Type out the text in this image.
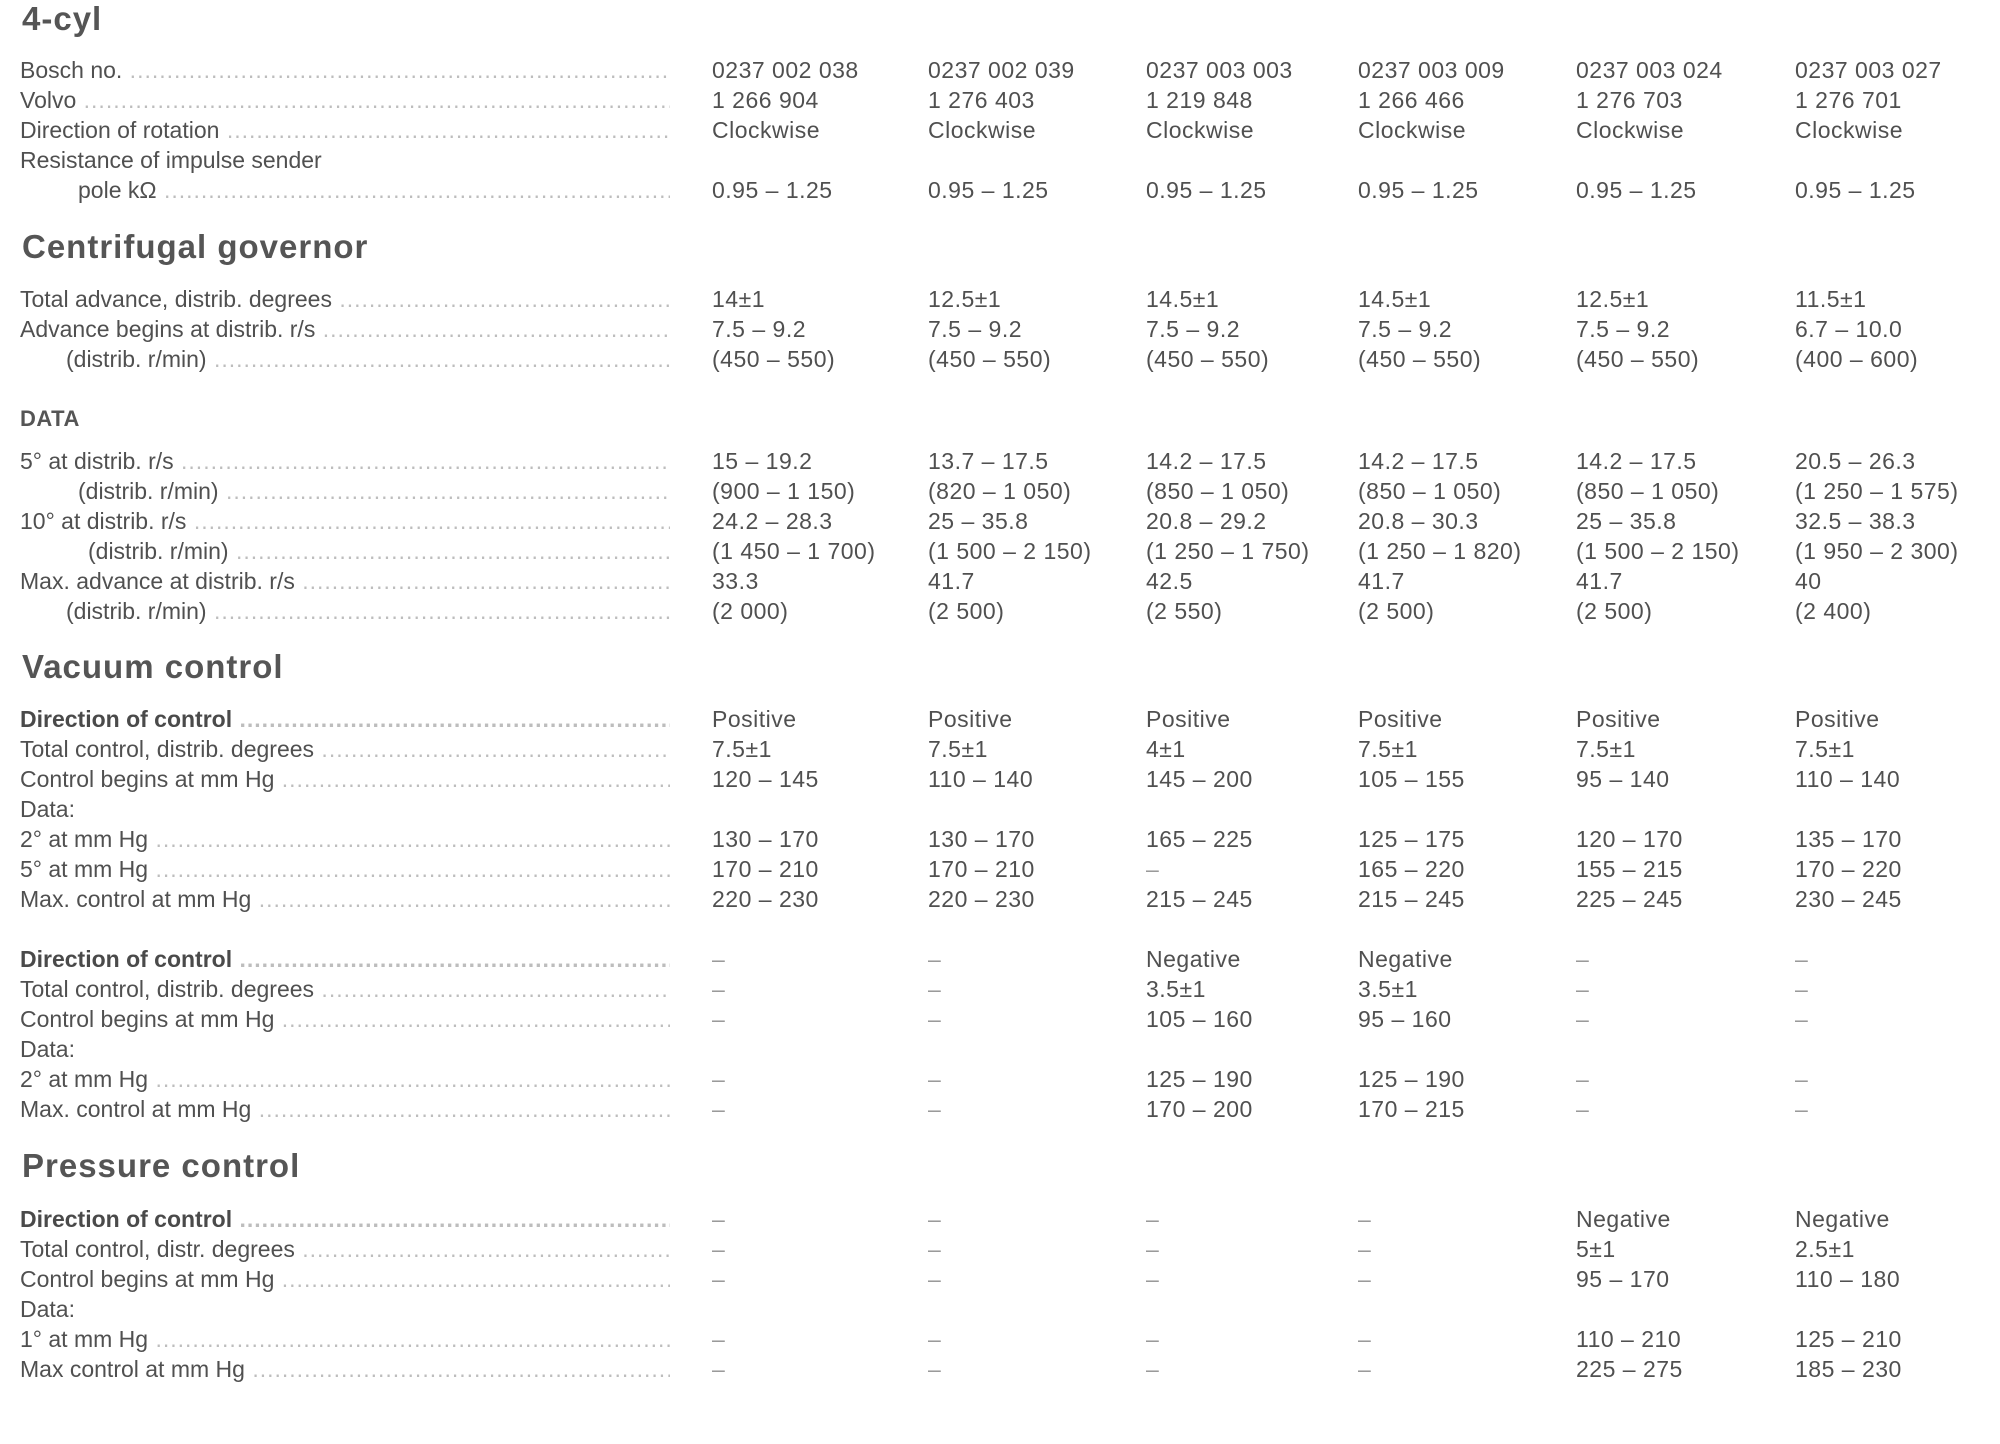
4-cyl
Centrifugal governor
DATA
Vacuum control
Pressure control
Bosch no. .....	0237 002 038	0237 002 039	0237 003 003	0237 003 009	0237 003 024	0237 003 027
Volvo .....	1 266 904	1 276 403	1 219 848	1 266 466	1 276 703	1 276 701
Direction of rotation .....	Clockwise	Clockwise	Clockwise	Clockwise	Clockwise	Clockwise
Resistance of impulse sender
pole kΩ .....	0.95 – 1.25	0.95 – 1.25	0.95 – 1.25	0.95 – 1.25	0.95 – 1.25	0.95 – 1.25
Total advance, distrib. degrees .....	14±1	12.5±1	14.5±1	14.5±1	12.5±1	11.5±1
Advance begins at distrib. r/s .....	7.5 – 9.2	7.5 – 9.2	7.5 – 9.2	7.5 – 9.2	7.5 – 9.2	6.7 – 10.0
(distrib. r/min) .....	(450 – 550)	(450 – 550)	(450 – 550)	(450 – 550)	(450 – 550)	(400 – 600)
5° at distrib. r/s .....	15 – 19.2	13.7 – 17.5	14.2 – 17.5	14.2 – 17.5	14.2 – 17.5	20.5 – 26.3
(distrib. r/min) .....	(900 – 1 150)	(820 – 1 050)	(850 – 1 050)	(850 – 1 050)	(850 – 1 050)	(1 250 – 1 575)
10° at distrib. r/s .....	24.2 – 28.3	25 – 35.8	20.8 – 29.2	20.8 – 30.3	25 – 35.8	32.5 – 38.3
(distrib. r/min) .....	(1 450 – 1 700) (1 500 – 2 150) (1 250 – 1 750) (1 250 – 1 820) (1 500 – 2 150) (1 950 – 2 300)
Max. advance at distrib. r/s .....	33.3	41.7	42.5	41.7	41.7	40
(distrib. r/min) .....	(2 000)	(2 500)	(2 550)	(2 500)	(2 500)	(2 400)
Direction of control .....	Positive	Positive	Positive	Positive	Positive	Positive
Total control, distrib. degrees .....	7.5±1	7.5±1	4±1	7.5±1	7.5±1	7.5±1
Control begins at mm Hg .....	120 – 145	110 – 140	145 – 200	105 – 155	95 – 140	110 – 140
Data:
2° at mm Hg .....	130 – 170	130 – 170	165 – 225	125 – 175	120 – 170	135 – 170
5° at mm Hg .....	170 – 210	170 – 210	–	165 – 220	155 – 215	170 – 220
Max. control at mm Hg .....	220 – 230	220 – 230	215 – 245	215 – 245	225 – 245	230 – 245
Direction of control .....	–	–	Negative	Negative	–	–
Total control, distrib. degrees .....	–	–	3.5±1	3.5±1	–	–
Control begins at mm Hg .....	–	–	105 – 160	95 – 160	–	–
Data:
2° at mm Hg .....	–	–	125 – 190	125 – 190	–	–
Max. control at mm Hg .....	–	–	170 – 200	170 – 215	–	–
Direction of control .....	–	–	–	–	Negative	Negative
Total control, distr. degrees .....	–	–	–	–	5±1	2.5±1
Control begins at mm Hg .....	–	–	–	–	95 – 170	110 – 180
Data:
1° at mm Hg .....	–	–	–	–	110 – 210	125 – 210
Max control at mm Hg .....	–	–	–	–	225 – 275	185 – 230
